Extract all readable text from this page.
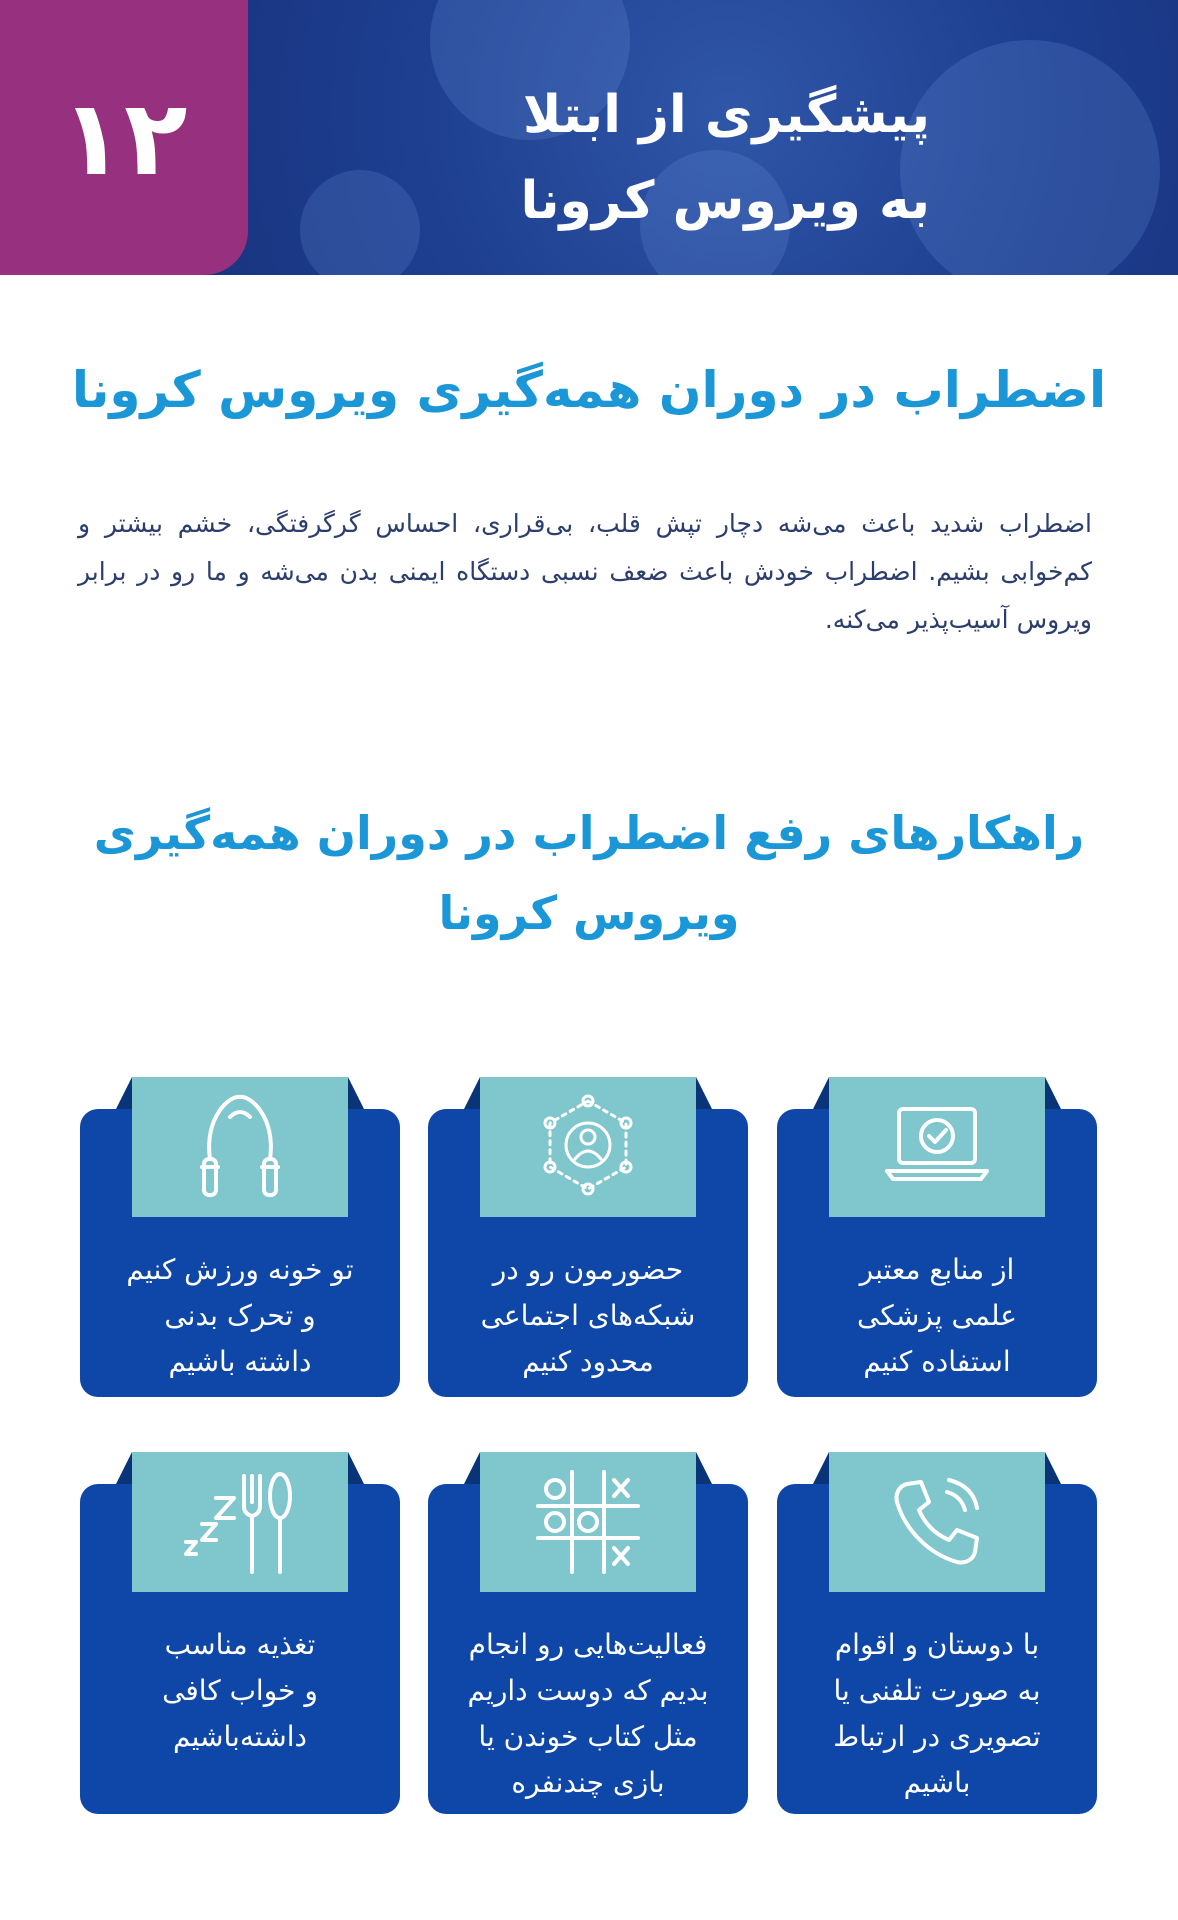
۱۲	پیشگیری از ابتلا
به ویروس کرونا
اضطراب در دوران همه‌گیری ویروس کرونا
اضطراب شدید باعث می‌شه دچار تپش قلب، بی‌قراری، احساس گرگرفتگی، خشم بیشتر و کم‌خوابی بشیم. اضطراب خودش باعث ضعف نسبی دستگاه ایمنی بدن می‌شه و ما رو در برابر ویروس آسیب‌پذیر می‌کنه.
راهکارهای رفع اضطراب در دوران همه‌گیری
ویروس کرونا
از منابع معتبر
علمی پزشکی
استفاده کنیم
حضورمون رو در
شبکه‌های اجتماعی
محدود کنیم
تو خونه ورزش کنیم
و تحرک بدنی
داشته باشیم
با دوستان و اقوام
به صورت تلفنی یا
تصویری در ارتباط
باشیم
فعالیت‌هایی رو انجام
بدیم که دوست داریم
مثل کتاب خوندن یا
بازی چندنفره
تغذیه مناسب
و خواب کافی
داشته‌باشیم
